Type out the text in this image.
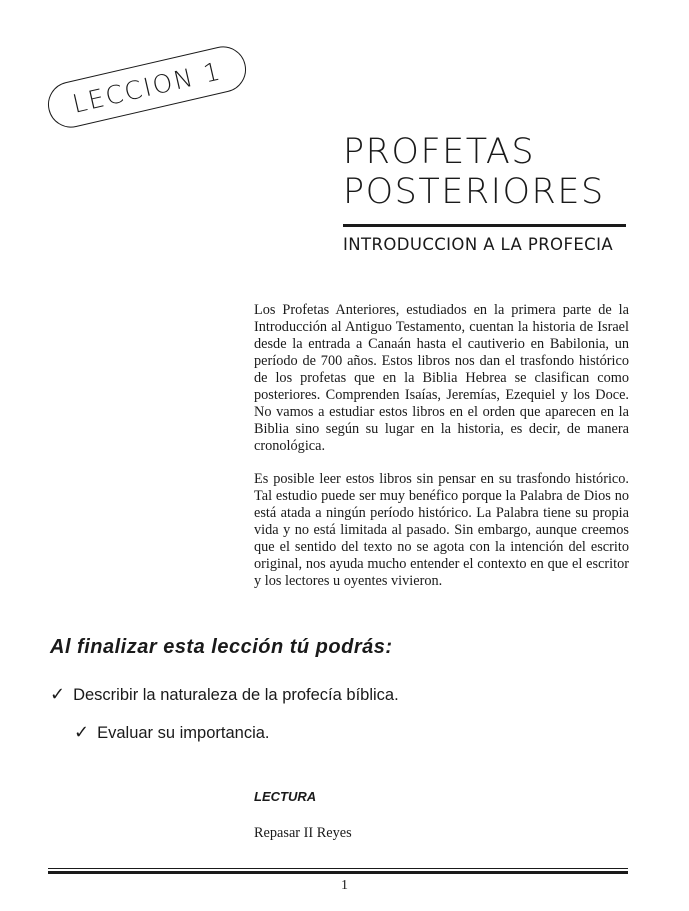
LECCION 1
PROFETAS
POSTERIORES
INTRODUCCION A LA PROFECIA

Los Profetas Anteriores, estudiados en la primera parte de la Introducción al Antiguo Testamento, cuentan la historia de Israel desde la entrada a Canaán hasta el cautiverio en Babilonia, un período de 700 años. Estos libros nos dan el trasfondo histórico de los profetas que en la Biblia Hebrea se clasifican como posteriores. Comprenden Isaías, Jeremías, Ezequiel y los Doce. No vamos a estudiar estos libros en el orden que aparecen en la Biblia sino según su lugar en la historia, es decir, de manera cronológica.

Es posible leer estos libros sin pensar en su trasfondo histórico. Tal estudio puede ser muy benéfico porque la Palabra de Dios no está atada a ningún período histórico. La Palabra tiene su propia vida y no está limitada al pasado. Sin embargo, aunque creemos que el sentido del texto no se agota con la intención del escrito original, nos ayuda mucho entender el contexto en que el escritor y los lectores u oyentes vivieron.

Al finalizar esta lección tú podrás:
✓ Describir la naturaleza de la profecía bíblica.
✓ Evaluar su importancia.
LECTURA
Repasar II Reyes
1
